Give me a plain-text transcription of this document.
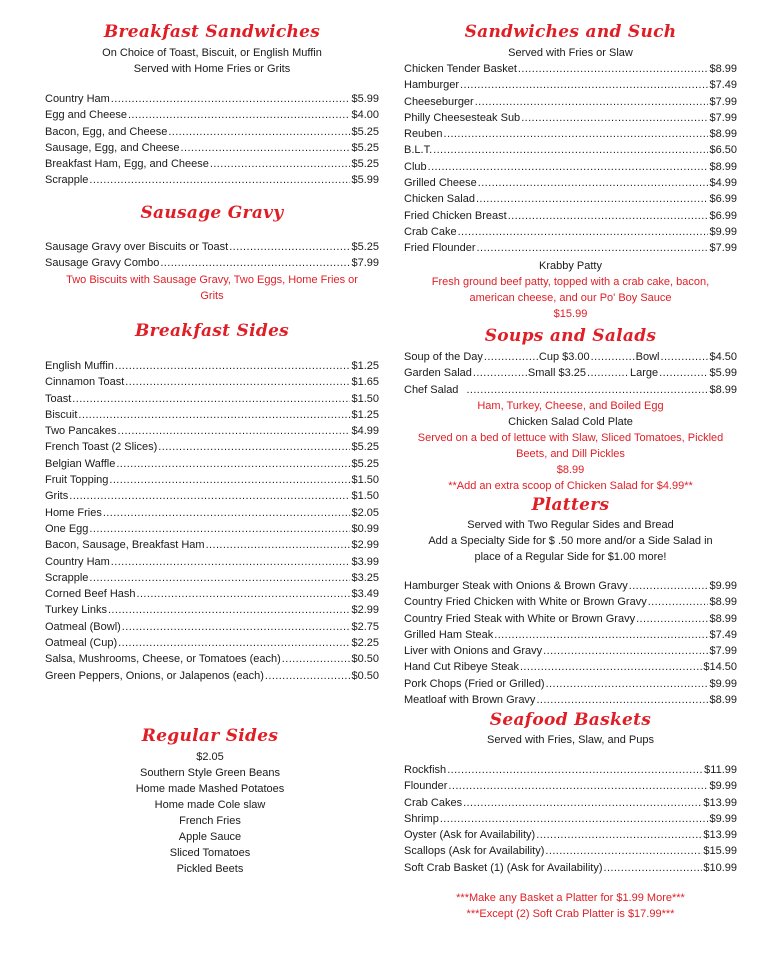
Breakfast Sandwiches
On Choice of Toast, Biscuit, or English Muffin
Served with Home Fries or Grits
Country Ham .....	$5.99
Egg and Cheese .....	$4.00
Bacon, Egg, and Cheese .....	$5.25
Sausage, Egg, and Cheese .....	$5.25
Breakfast Ham, Egg, and Cheese .....	$5.25
Scrapple .....	$5.99
Sausage Gravy
Sausage Gravy over Biscuits or Toast .....	$5.25
Sausage Gravy Combo .....	$7.99
Two Biscuits with Sausage Gravy, Two Eggs, Home Fries or Grits
Breakfast Sides
English Muffin .....	$1.25
Cinnamon Toast .....	$1.65
Toast .....	$1.50
Biscuit .....	$1.25
Two Pancakes .....	$4.99
French Toast (2 Slices) .....	$5.25
Belgian Waffle .....	$5.25
Fruit Topping .....	$1.50
Grits .....	$1.50
Home Fries .....	$2.05
One Egg .....	$0.99
Bacon, Sausage, Breakfast Ham .....	$2.99
Country Ham .....	$3.99
Scrapple .....	$3.25
Corned Beef Hash .....	$3.49
Turkey Links .....	$2.99
Oatmeal (Bowl) .....	$2.75
Oatmeal (Cup) .....	$2.25
Salsa, Mushrooms, Cheese, or Tomatoes (each) .....	$0.50
Green Peppers, Onions, or Jalapenos (each) .....	$0.50
Regular Sides
$2.05
Southern Style Green Beans
Home made Mashed Potatoes
Home made Cole slaw
French Fries
Apple Sauce
Sliced Tomatoes
Pickled Beets
Sandwiches and Such
Served with Fries or Slaw
Chicken Tender Basket .....	$8.99
Hamburger .....	$7.49
Cheeseburger .....	$7.99
Philly Cheesesteak Sub .....	$7.99
Reuben .....	$8.99
B.L.T. .....	$6.50
Club .....	$8.99
Grilled Cheese .....	$4.99
Chicken Salad .....	$6.99
Fried Chicken Breast .....	$6.99
Crab Cake .....	$9.99
Fried Flounder .....	$7.99
Krabby Patty
Fresh ground beef patty, topped with a crab cake, bacon, american cheese, and our Po' Boy Sauce
$15.99
Soups and Salads
Soup of the Day .....	Cup $3.00 .....	Bowl .....	$4.50
Garden Salad .....	Small $3.25 .....	Large .....	$5.99
Chef Salad .....	$8.99
Ham, Turkey, Cheese, and Boiled Egg
Chicken Salad Cold Plate
Served on a bed of lettuce with Slaw, Sliced Tomatoes, Pickled Beets, and Dill Pickles
$8.99
**Add an extra scoop of Chicken Salad for $4.99**
Platters
Served with Two Regular Sides and Bread
Add a Specialty Side for $ .50 more and/or a Side Salad in place of a Regular Side for $1.00 more!
Hamburger Steak with Onions & Brown Gravy .....	$9.99
Country Fried Chicken with White or Brown Gravy .....	$8.99
Country Fried Steak with White or Brown Gravy .....	$8.99
Grilled Ham Steak .....	$7.49
Liver with Onions and Gravy .....	$7.99
Hand Cut Ribeye Steak .....	$14.50
Pork Chops (Fried or Grilled) .....	$9.99
Meatloaf with Brown Gravy .....	$8.99
Seafood Baskets
Served with Fries, Slaw, and Pups
Rockfish .....	$11.99
Flounder .....	$9.99
Crab Cakes .....	$13.99
Shrimp .....	$9.99
Oyster (Ask for Availability) .....	$13.99
Scallops (Ask for Availability) .....	$15.99
Soft Crab Basket (1) (Ask for Availability) .....	$10.99
***Make any Basket a Platter for $1.99 More***
***Except (2) Soft Crab Platter is $17.99***
